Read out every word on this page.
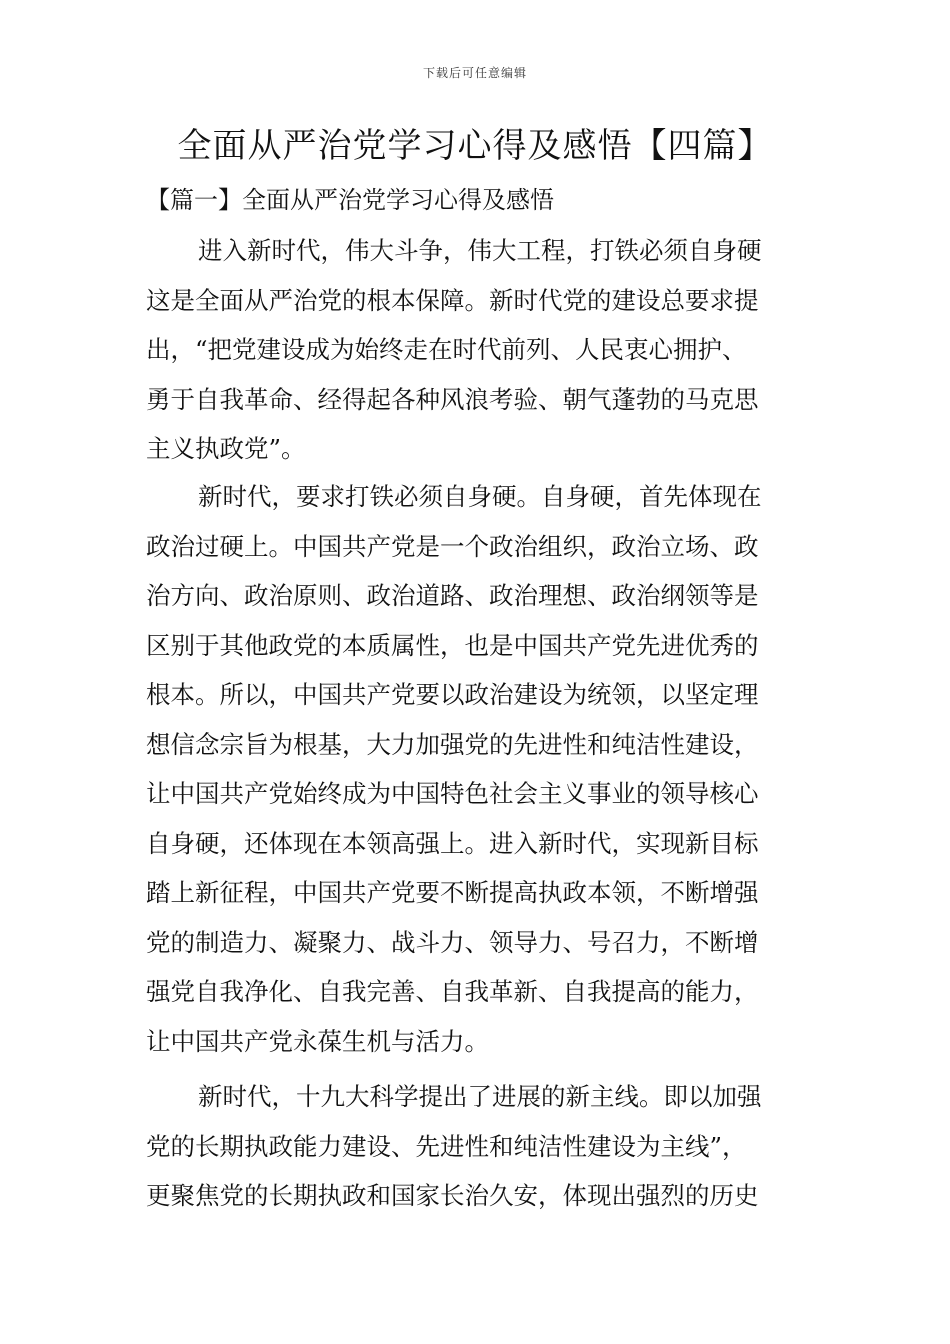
下载后可任意编辑
全面从严治党学习心得及感悟【四篇】
【篇一】全面从严治党学习心得及感悟
进入新时代，伟大斗争，伟大工程，打铁必须自身硬
这是全面从严治党的根本保障。新时代党的建设总要求提
出，“把党建设成为始终走在时代前列、人民衷心拥护、
勇于自我革命、经得起各种风浪考验、朝气蓬勃的马克思
主义执政党”。
新时代，要求打铁必须自身硬。自身硬，首先体现在
政治过硬上。中国共产党是一个政治组织，政治立场、政
治方向、政治原则、政治道路、政治理想、政治纲领等是
区别于其他政党的本质属性，也是中国共产党先进优秀的
根本。所以，中国共产党要以政治建设为统领，以坚定理
想信念宗旨为根基，大力加强党的先进性和纯洁性建设，
让中国共产党始终成为中国特色社会主义事业的领导核心
自身硬，还体现在本领高强上。进入新时代，实现新目标
踏上新征程，中国共产党要不断提高执政本领，不断增强
党的制造力、凝聚力、战斗力、领导力、号召力，不断增
强党自我净化、自我完善、自我革新、自我提高的能力，
让中国共产党永葆生机与活力。
新时代，十九大科学提出了进展的新主线。即以加强
党的长期执政能力建设、先进性和纯洁性建设为主线”，
更聚焦党的长期执政和国家长治久安，体现出强烈的历史
